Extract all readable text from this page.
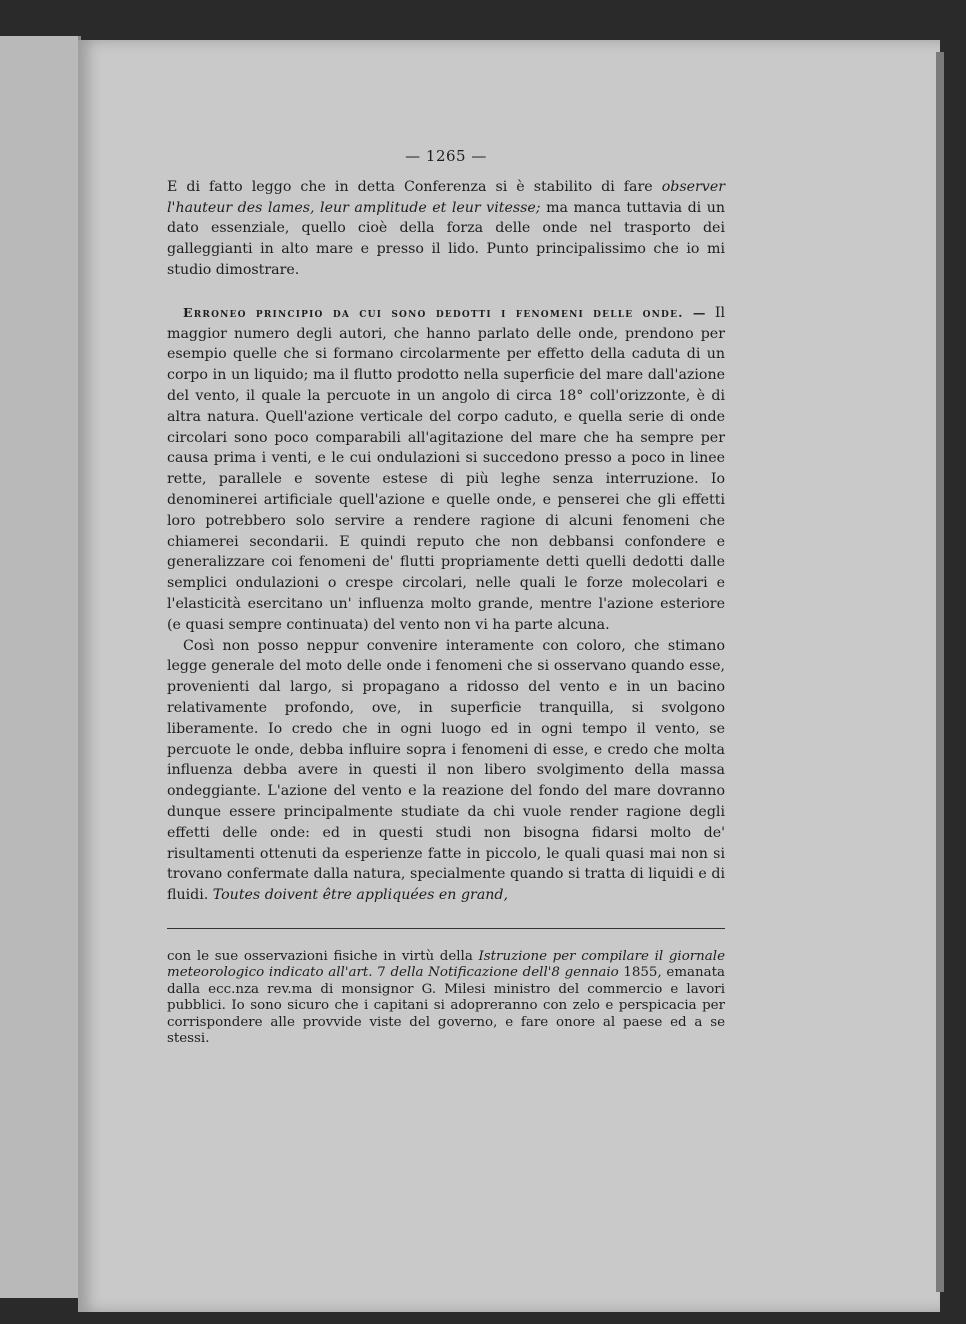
— 1265 —

E di fatto leggo che in detta Conferenza si è stabilito di fare observer l'hauteur des lames, leur amplitude et leur vitesse; ma manca tuttavia di un dato essenziale, quello cioè della forza delle onde nel trasporto dei galleggianti in alto mare e presso il lido. Punto principalissimo che io mi studio dimostrare.

Erroneo principio da cui sono dedotti i fenomeni delle onde. — Il maggior numero degli autori, che hanno parlato delle onde, prendono per esempio quelle che si formano circolarmente per effetto della caduta di un corpo in un liquido; ma il flutto prodotto nella superficie del mare dall'azione del vento, il quale la percuote in un angolo di circa 18° coll'orizzonte, è di altra natura. Quell'azione verticale del corpo caduto, e quella serie di onde circolari sono poco comparabili all'agitazione del mare che ha sempre per causa prima i venti, e le cui ondulazioni si succedono presso a poco in linee rette, parallele e sovente estese di più leghe senza interruzione. Io denominerei artificiale quell'azione e quelle onde, e penserei che gli effetti loro potrebbero solo servire a rendere ragione di alcuni fenomeni che chiamerei secondarii. E quindi reputo che non debbansi confondere e generalizzare coi fenomeni de' flutti propriamente detti quelli dedotti dalle semplici ondulazioni o crespe circolari, nelle quali le forze molecolari e l'elasticità esercitano un' influenza molto grande, mentre l'azione esteriore (e quasi sempre continuata) del vento non vi ha parte alcuna.

Così non posso neppur convenire interamente con coloro, che stimano legge generale del moto delle onde i fenomeni che si osservano quando esse, provenienti dal largo, si propagano a ridosso del vento e in un bacino relativamente profondo, ove, in superficie tranquilla, si svolgono liberamente. Io credo che in ogni luogo ed in ogni tempo il vento, se percuote le onde, debba influire sopra i fenomeni di esse, e credo che molta influenza debba avere in questi il non libero svolgimento della massa ondeggiante. L'azione del vento e la reazione del fondo del mare dovranno dunque essere principalmente studiate da chi vuole render ragione degli effetti delle onde: ed in questi studi non bisogna fidarsi molto de' risultamenti ottenuti da esperienze fatte in piccolo, le quali quasi mai non si trovano confermate dalla natura, specialmente quando si tratta di liquidi e di fluidi. Toutes doivent être appliquées en grand,

con le sue osservazioni fisiche in virtù della Istruzione per compilare il giornale meteorologico indicato all'art. 7 della Notificazione dell'8 gennaio 1855, emanata dalla ecc.nza rev.ma di monsignor G. Milesi ministro del commercio e lavori pubblici. Io sono sicuro che i capitani si adopreranno con zelo e perspicacia per corrispondere alle provvide viste del governo, e fare onore al paese ed a se stessi.
